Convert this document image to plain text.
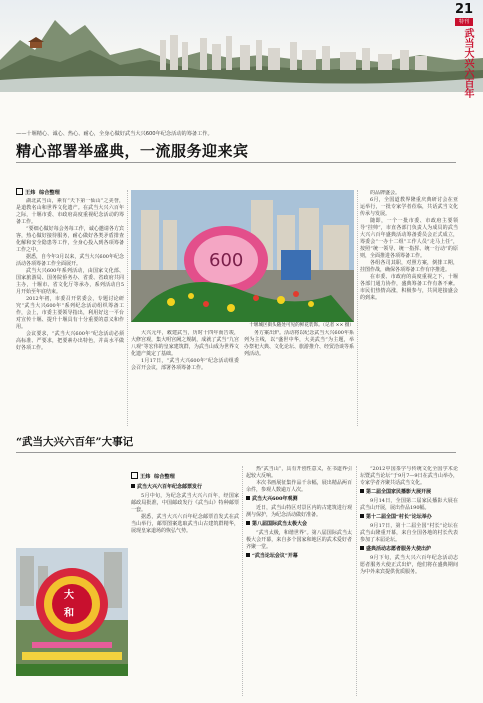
21
特刊
武当大兴六百年
——十堰精心、诚心、热心、耐心，全身心做好武当大兴600年纪念活动的筹备工作。
精心部署举盛典，一流服务迎来宾
王炜 综合整理

湖北武当山，素有“天下第一仙山”之美誉，是道教名山和世界文化遗产。在武当大兴六百年之际，十堰市委、市政府高度重视纪念活动的筹备工作。

“要细心做好每会务每工作，诚心邀请各方宾客，热心做好接待服务，耐心做好各类矛盾排查化解和安全隐患等工作，全身心投入到各项筹备工作之中。

据悉，自今年3月以来，武当大兴600年纪念活动各项筹备工作全面展开。

武当大兴600年系列活动，由国家文化部、国家旅游局、国务院侨务办、省委、省政府共同主办，十堰市、省文化厅等承办，系列活动自5月开始至年底结束。

2012年初，市委召开常委会，专题讨论研究“武当大兴600年”系列纪念活动组织筹备工作，会上，市委主要领导指出，利用好这一平台对宣传十堰、提升十堰具有十分重要的意义和作用。

会议要求，“武当大兴600年”纪念活动必须高标准、严要求，把要素办出特色，并高水平做好各项工作。

600
十堰城区街头随处可见的鲜花装饰。（记者 ×× 摄）

大兴元年，敕建武当，历时十四年而告竣，大修宫观，集大明宫阙之规制，成就了武当“九宫八观”等宏伟的皇家建筑群，为武当山成为世界文化遗产奠定了基础。

1月17日，“武当大兴600年”纪念活动组委会召开会议，部署各项筹备工作。

务方案出炉。活动将以纪念武当大兴600年系列为主线，以“盛世中华，大美武当”为主题，举办祭祀大典、文化论坛、旅游推介、经贸洽谈等系列活动。

的品牌盛会。

6月，全国道教界隆重庆典研讨会在亚运举行，一批专家学者莅临，共话武当文化传承与发展。

随即，一个一批市委、市政府主要领导“挂帅”，市直各部门负责人为成员的武当大兴六百年盛典活动筹备委员会正式成立，筹委会“一办十二组”工作人员“走马上任”，按照“统一领导、统一指挥、统一行动”的原则，全面推进各项筹备工作。

各组各司其职，对照方案，倒排工期，挂图作战，确保各项筹备工作有序推进。

在市委、市政府的高度重视之下，十堰各部门通力协作，盛典筹备工作有条不紊。市民们热情高涨，积极参与，共同迎接盛会的到来。

“武当大兴六百年”大事记
王炜 综合整理
大
和
武当大兴六百年纪念邮票发行

5月中旬，为纪念武当大兴六百年，经国家邮政局批准，中国邮政发行《武当山》特种邮票一套。

据悉，武当大兴六百年纪念邮票首发式在武当山举行，邮票图案选取武当山古建筑群精华，展现皇家道场的恢弘气势。

热“武当山”，具有开创性意义，在书道界引起较大反响。

本次书画展征集作品千余幅，展出精品两百余件，参观人数逾万人次。

武当大兴600年观测

近日，武当山特区对景区内的古建筑进行观测与保护，为纪念活动做好准备。

第八届国际武当太极大会

“武当太极，和谐世界”。第八届国际武当太极大会开幕，来自多个国家和地区的武术爱好者齐聚一堂。

“武当论坛会议”开幕

“2012中国茶学与传统文化全国学术论坛暨武当论坛”于9月7—9日在武当山举办，专家学者齐聚共话武当文化。

第二届全国家民播影大展开展

9月14日，全国第二届家民播影大展在武当山开展，展出作品190幅。

第十二届全国“村长”论坛举办

9月17日，第十二届全国“村长”论坛在武当山隆重开幕，来自全国各地的村长代表参加了本届论坛。

盛典活动志愿者服务大使出炉

9月下旬，武当大兴六百年纪念活动志愿者服务大使正式出炉，他们将在盛典期间为中外来宾提供优质服务。
